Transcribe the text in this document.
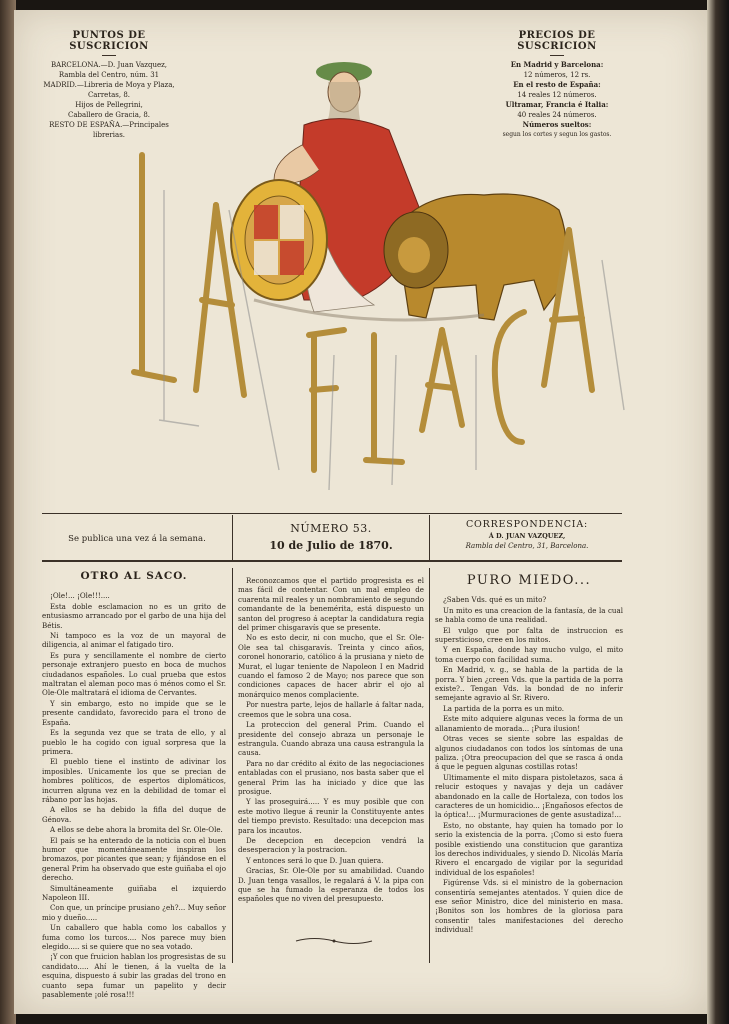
PUNTOS DE SUSCRICION
BARCELONA.—D. Juan Vazquez,
Rambla del Centro, núm. 31
MADRID.—Libreria de Moya y Plaza,
Carretas, 8.
Hijos de Pellegrini,
Caballero de Gracia, 8.
RESTO DE ESPAÑA.—Principales
librerias.
PRECIOS DE SUSCRICION
En Madrid y Barcelona:
12 números, 12 rs.
En el resto de España:
14 reales 12 números.
Ultramar, Francia é Italia:
40 reales 24 números.
Números sueltos:
segun los cortes y segun los gastos.
Se publica una vez á la semana.
NÚMERO 53.
10 de Julio de 1870.
CORRESPONDENCIA:
Á D. JUAN VAZQUEZ,
Rambla del Centro, 31, Barcelona.
OTRO AL SACO.

¡Ole!... ¡Ole!!!....

Esta doble esclamacion no es un grito de entusiasmo arrancado por el garbo de una hija del Bétis.

Ni tampoco es la voz de un mayoral de diligencia, al animar el fatigado tiro.

Es pura y sencillamente el nombre de cierto personaje extranjero puesto en boca de muchos ciudadanos españoles. Lo cual prueba que estos maltratan el aleman poco mas ó ménos como el Sr. Ole-Ole maltratará el idioma de Cervantes.

Y sin embargo, esto no impide que se le presente candidato, favorecido para el trono de España.

Es la segunda vez que se trata de ello, y al pueblo le ha cogido con igual sorpresa que la primera.

El pueblo tiene el instinto de adivinar los imposibles. Unicamente los que se precian de hombres políticos, de espertos diplomáticos, incurren alguna vez en la debilidad de tomar el rábano por las hojas.

A ellos se ha debido la fifla del duque de Génova.

A ellos se debe ahora la bromita del Sr. Ole-Ole.

El país se ha enterado de la noticia con el buen humor que momentáneamente inspiran los bromazos, por picantes que sean; y fijándose en el general Prim ha observado que este guiñaba el ojo derecho.

Simultáneamente guiñaba el izquierdo Napoleon III.

Con que, un príncipe prusiano ¿eh?... Muy señor mio y dueño.....

Un caballero que habla como los caballos y fuma como los turcos.... Nos parece muy bien elegido..... si se quiere que no sea votado.

¡Y con que fruicion hablan los progresistas de su candidato..... Ahí le tienen, á la vuelta de la esquina, dispuesto á subir las gradas del trono en cuanto sepa fumar un papelito y decir pasablemente ¡olé rosa!!!

Reconozcamos que el partido progresista es el mas fácil de contentar. Con un mal empleo de cuarenta mil reales y un nombramiento de segundo comandante de la benemérita, está dispuesto un santon del progreso á aceptar la candidatura regia del primer chisgaravís que se presente.

No es esto decir, ni con mucho, que el Sr. Ole-Ole sea tal chisgaravís. Treinta y cinco años, coronel honorario, católico á la prusiana y nieto de Murat, el lugar teniente de Napoleon I en Madrid cuando el famoso 2 de Mayo; nos parece que son condiciones capaces de hacer abrir el ojo al monárquico menos complaciente.

Por nuestra parte, lejos de hallarle á faltar nada, creemos que le sobra una cosa.

La proteccion del general Prim. Cuando el presidente del consejo abraza un personaje le estrangula. Cuando abraza una causa estrangula la causa.

Para no dar crédito al éxito de las negociaciones entabladas con el prusiano, nos basta saber que el general Prim las ha iniciado y dice que las prosigue.

Y las proseguirá..... Y es muy posible que con este motivo llegue á reunir la Constituyente antes del tiempo previsto. Resultado: una decepcion mas para los incautos.

De decepcion en decepcion vendrá la desesperacion y la postracion.

Y entonces será lo que D. Juan quiera.

Gracias, Sr. Ole-Ole por su amabilidad. Cuando D. Juan tenga vasallos, le regalará á V. la pipa con que se ha fumado la esperanza de todos los españoles que no viven del presupuesto.

PURO MIEDO...

¿Saben Vds. qué es un mito?

Un mito es una creacion de la fantasía, de la cual se habla como de una realidad.

El vulgo que por falta de instruccion es supersticioso, cree en los mitos.

Y en España, donde hay mucho vulgo, el mito toma cuerpo con facilidad suma.

En Madrid, v. g., se habla de la partida de la porra. Y bien ¿creen Vds. que la partida de la porra existe?.. Tengan Vds. la bondad de no inferir semejante agravio al Sr. Rivero.

La partida de la porra es un mito.

Este mito adquiere algunas veces la forma de un allanamiento de morada... ¡Pura ilusion!

Otras veces se siente sobre las espaldas de algunos ciudadanos con todos los síntomas de una paliza. ¡Otra preocupacion del que se rasca á onda á que le peguen algunas costillas rotas!

Ultimamente el mito dispara pistoletazos, saca á relucir estoques y navajas y deja un cadáver abandonado en la calle de Hortaleza, con todos los caracteres de un homicidio... ¡Engañosos efectos de la óptica!... ¡Murmuraciones de gente asustadiza!...

Esto, no obstante, hay quien ha tomado por lo serio la existencia de la porra. ¡Como si esto fuera posible existiendo una constitucion que garantiza los derechos individuales, y siendo D. Nicolás María Rivero el encargado de vigilar por la seguridad individual de los españoles!

Figúrense Vds. si el ministro de la gobernacion consentiría semejantes atentados. Y quien dice de ese señor Ministro, dice del ministerio en masa. ¡Bonitos son los hombres de la gloriosa para consentir tales manifestaciones del derecho individual!
